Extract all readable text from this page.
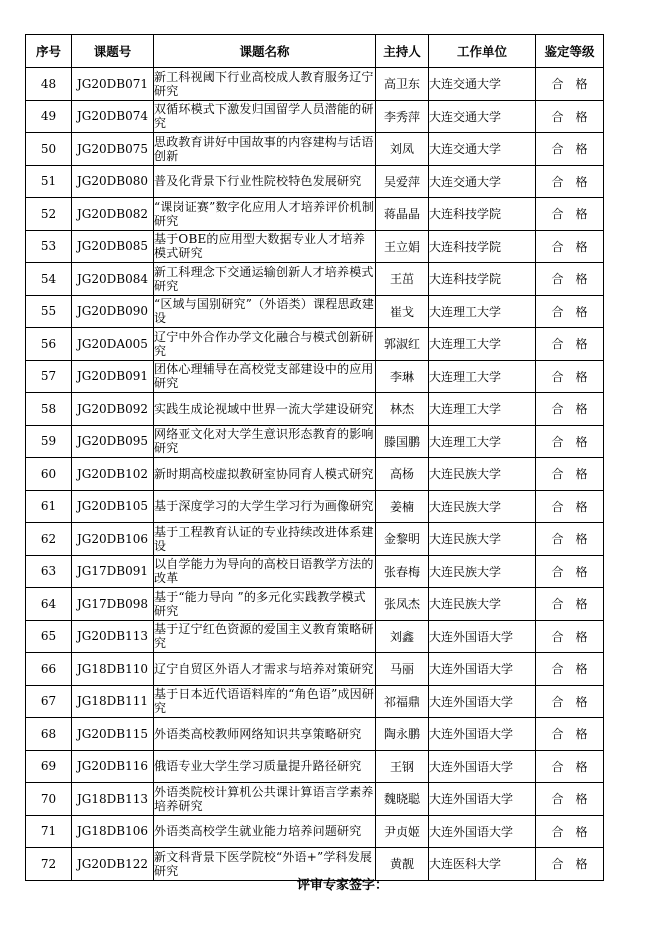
序号	课题号	课题名称	主持人	工作单位	鉴定等级
48	JG20DB071	新工科视阈下行业高校成人教育服务辽宁研究	高卫东	大连交通大学	合　格
49	JG20DB074	双循环模式下激发归国留学人员潜能的研究	李秀萍	大连交通大学	合　格
50	JG20DB075	思政教育讲好中国故事的内容建构与话语创新	刘凤	大连交通大学	合　格
51	JG20DB080	普及化背景下行业性院校特色发展研究	吴爱萍	大连交通大学	合　格
52	JG20DB082	“课岗证赛”数字化应用人才培养评价机制研究	蒋晶晶	大连科技学院	合　格
53	JG20DB085	基于OBE的应用型大数据专业人才培养模式研究	王立娟	大连科技学院	合　格
54	JG20DB084	新工科理念下交通运输创新人才培养模式研究	王茁	大连科技学院	合　格
55	JG20DB090	“区域与国别研究”（外语类）课程思政建设	崔戈	大连理工大学	合　格
56	JG20DA005	辽宁中外合作办学文化融合与模式创新研究	郭淑红	大连理工大学	合　格
57	JG20DB091	团体心理辅导在高校党支部建设中的应用研究	李琳	大连理工大学	合　格
58	JG20DB092	实践生成论视域中世界一流大学建设研究	林杰	大连理工大学	合　格
59	JG20DB095	网络亚文化对大学生意识形态教育的影响研究	滕国鹏	大连理工大学	合　格
60	JG20DB102	新时期高校虚拟教研室协同育人模式研究	高杨	大连民族大学	合　格
61	JG20DB105	基于深度学习的大学生学习行为画像研究	姜楠	大连民族大学	合　格
62	JG20DB106	基于工程教育认证的专业持续改进体系建设	金黎明	大连民族大学	合　格
63	JG17DB091	以自学能力为导向的高校日语教学方法的改革	张春梅	大连民族大学	合　格
64	JG17DB098	基于“能力导向 ”的多元化实践教学模式研究	张凤杰	大连民族大学	合　格
65	JG20DB113	基于辽宁红色资源的爱国主义教育策略研究	刘鑫	大连外国语大学	合　格
66	JG18DB110	辽宁自贸区外语人才需求与培养对策研究	马丽	大连外国语大学	合　格
67	JG18DB111	基于日本近代语语料库的“角色语”成因研究	祁福鼎	大连外国语大学	合　格
68	JG20DB115	外语类高校教师网络知识共享策略研究	陶永鹏	大连外国语大学	合　格
69	JG20DB116	俄语专业大学生学习质量提升路径研究	王钢	大连外国语大学	合　格
70	JG18DB113	外语类院校计算机公共课计算语言学素养培养研究	魏晓聪	大连外国语大学	合　格
71	JG18DB106	外语类高校学生就业能力培养问题研究	尹贞姬	大连外国语大学	合　格
72	JG20DB122	新文科背景下医学院校“外语+”学科发展研究	黄靓	大连医科大学	合　格
评审专家签字：
